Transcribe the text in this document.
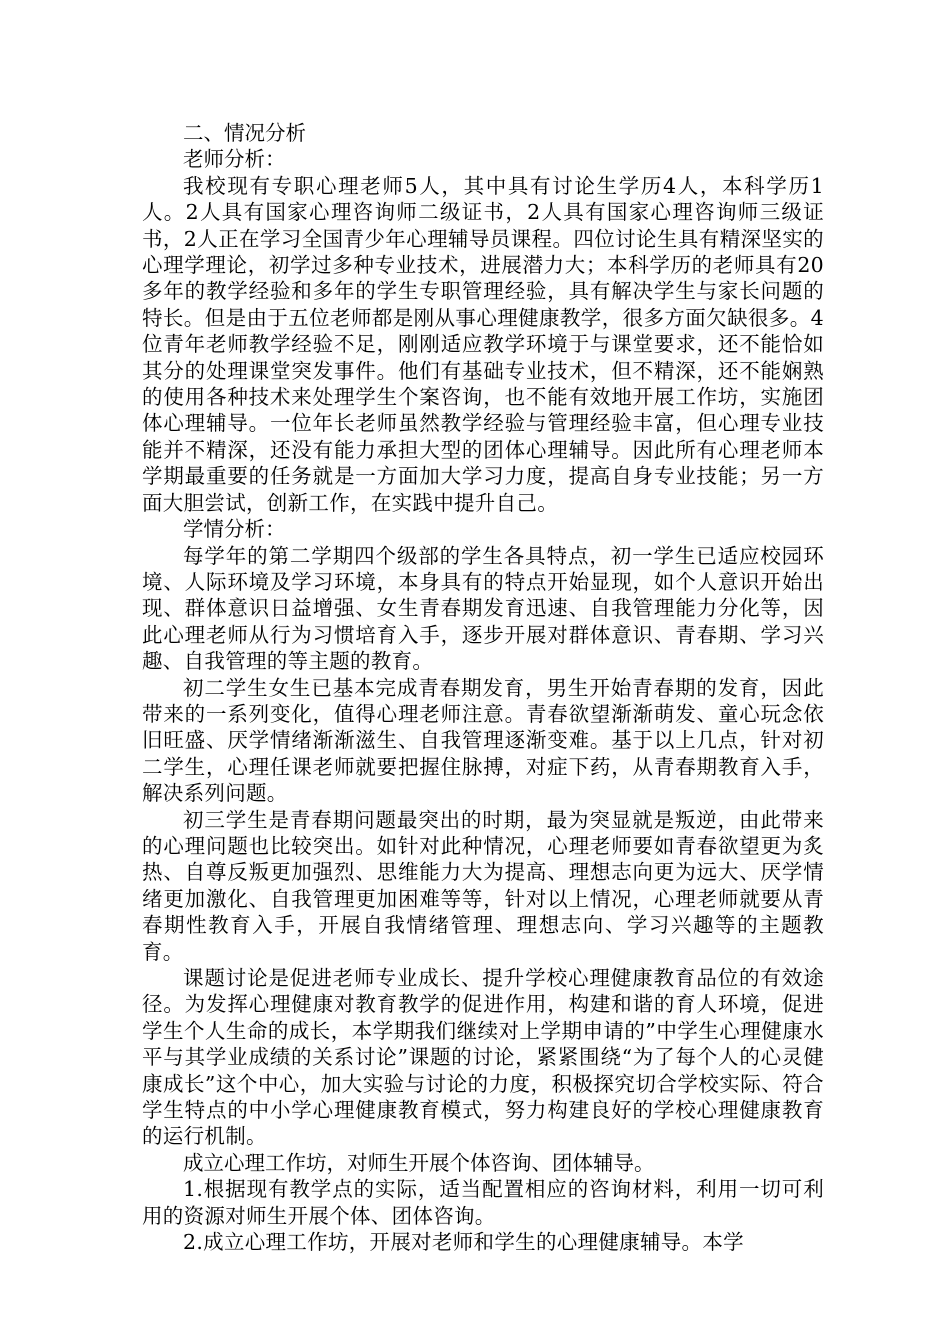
二、情况分析

老师分析：

我校现有专职心理老师5人，其中具有讨论生学历4人，本科学历1人。2人具有国家心理咨询师二级证书，2人具有国家心理咨询师三级证书，2人正在学习全国青少年心理辅导员课程。四位讨论生具有精深坚实的心理学理论，初学过多种专业技术，进展潜力大；本科学历的老师具有20多年的教学经验和多年的学生专职管理经验，具有解决学生与家长问题的特长。但是由于五位老师都是刚从事心理健康教学，很多方面欠缺很多。4位青年老师教学经验不足，刚刚适应教学环境于与课堂要求，还不能恰如其分的处理课堂突发事件。他们有基础专业技术，但不精深，还不能娴熟的使用各种技术来处理学生个案咨询，也不能有效地开展工作坊，实施团体心理辅导。一位年长老师虽然教学经验与管理经验丰富，但心理专业技能并不精深，还没有能力承担大型的团体心理辅导。因此所有心理老师本学期最重要的任务就是一方面加大学习力度，提高自身专业技能；另一方面大胆尝试，创新工作，在实践中提升自己。

学情分析：

每学年的第二学期四个级部的学生各具特点，初一学生已适应校园环境、人际环境及学习环境，本身具有的特点开始显现，如个人意识开始出现、群体意识日益增强、女生青春期发育迅速、自我管理能力分化等，因此心理老师从行为习惯培育入手，逐步开展对群体意识、青春期、学习兴趣、自我管理的等主题的教育。

初二学生女生已基本完成青春期发育，男生开始青春期的发育，因此带来的一系列变化，值得心理老师注意。青春欲望渐渐萌发、童心玩念依旧旺盛、厌学情绪渐渐滋生、自我管理逐渐变难。基于以上几点，针对初二学生，心理任课老师就要把握住脉搏，对症下药，从青春期教育入手，解决系列问题。

初三学生是青春期问题最突出的时期，最为突显就是叛逆，由此带来的心理问题也比较突出。如针对此种情况，心理老师要如青春欲望更为炙热、自尊反叛更加强烈、思维能力大为提高、理想志向更为远大、厌学情绪更加激化、自我管理更加困难等等，针对以上情况，心理老师就要从青春期性教育入手，开展自我情绪管理、理想志向、学习兴趣等的主题教育。

课题讨论是促进老师专业成长、提升学校心理健康教育品位的有效途径。为发挥心理健康对教育教学的促进作用，构建和谐的育人环境，促进学生个人生命的成长，本学期我们继续对上学期申请的”中学生心理健康水平与其学业成绩的关系讨论”课题的讨论，紧紧围绕“为了每个人的心灵健康成长”这个中心，加大实验与讨论的力度，积极探究切合学校实际、符合学生特点的中小学心理健康教育模式，努力构建良好的学校心理健康教育的运行机制。

成立心理工作坊，对师生开展个体咨询、团体辅导。

1.根据现有教学点的实际，适当配置相应的咨询材料，利用一切可利用的资源对师生开展个体、团体咨询。

2.成立心理工作坊，开展对老师和学生的心理健康辅导。本学
